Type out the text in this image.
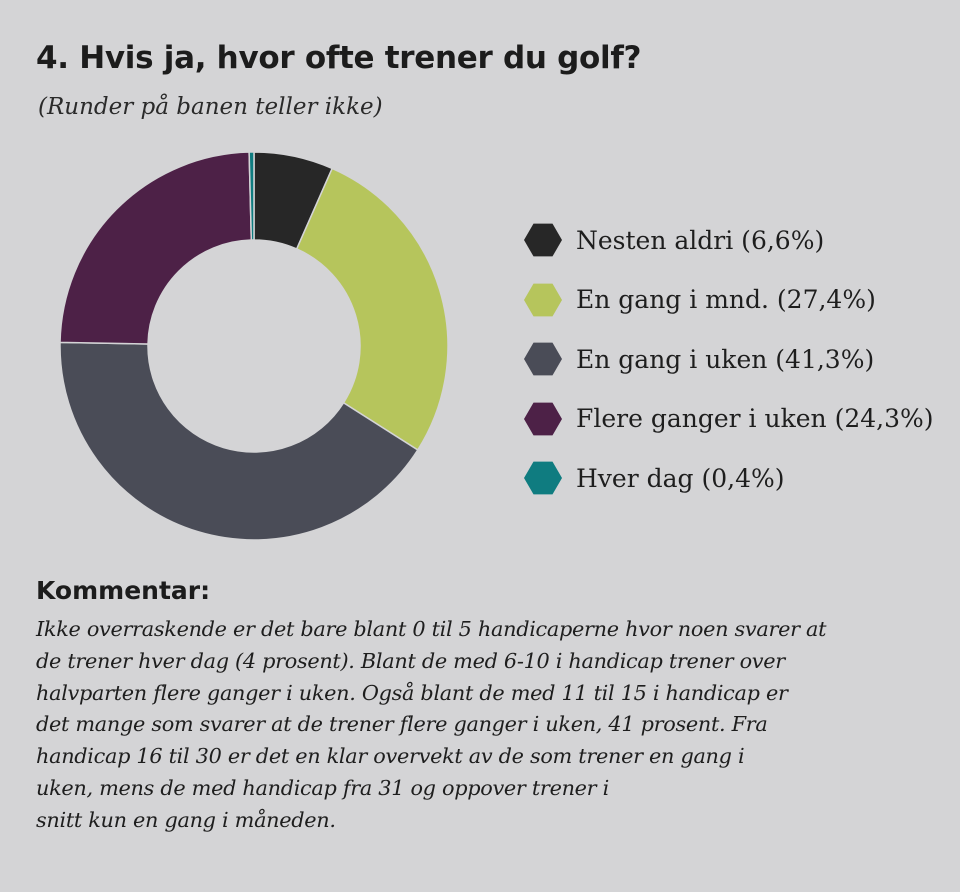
4. Hvis ja, hvor ofte trener du golf?
(Runder på banen teller ikke)
Nesten aldri (6,6%)
En gang i mnd. (27,4%)
En gang i uken (41,3%)
Flere ganger i uken (24,3%)
Hver dag (0,4%)
Kommentar:
Ikke overraskende er det bare blant 0 til 5 handicaperne hvor noen svarer at
de trener hver dag (4 prosent). Blant de med 6-10 i handicap trener over
halvparten flere ganger i uken. Også blant de med 11 til 15 i handicap er
det mange som svarer at de trener flere ganger i uken, 41 prosent. Fra
handicap 16 til 30 er det en klar overvekt av de som trener en gang i
uken, mens de med handicap fra 31 og oppover trener i
snitt kun en gang i måneden.
